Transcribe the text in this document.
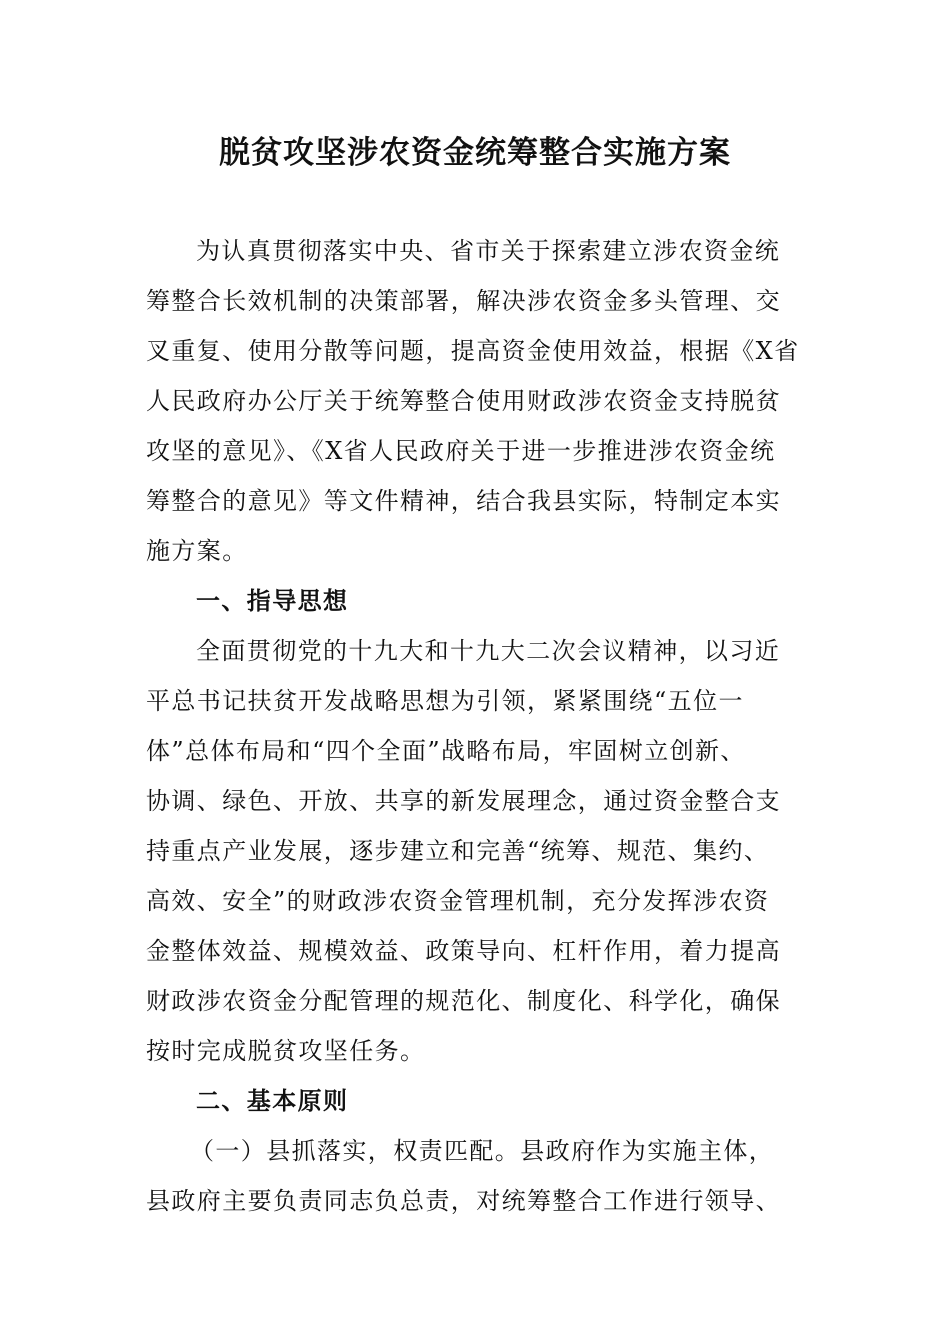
脱贫攻坚涉农资金统筹整合实施方案
为认真贯彻落实中央、省市关于探索建立涉农资金统
筹整合长效机制的决策部署，解决涉农资金多头管理、交
叉重复、使用分散等问题，提高资金使用效益，根据《X省
人民政府办公厅关于统筹整合使用财政涉农资金支持脱贫
攻坚的意见》、《X省人民政府关于进一步推进涉农资金统
筹整合的意见》等文件精神，结合我县实际，特制定本实
施方案。
一、指导思想
全面贯彻党的十九大和十九大二次会议精神，以习近
平总书记扶贫开发战略思想为引领，紧紧围绕“五位一
体”总体布局和“四个全面”战略布局，牢固树立创新、
协调、绿色、开放、共享的新发展理念，通过资金整合支
持重点产业发展，逐步建立和完善“统筹、规范、集约、
高效、安全”的财政涉农资金管理机制，充分发挥涉农资
金整体效益、规模效益、政策导向、杠杆作用，着力提高
财政涉农资金分配管理的规范化、制度化、科学化，确保
按时完成脱贫攻坚任务。
二、基本原则
（一）县抓落实，权责匹配。县政府作为实施主体，
县政府主要负责同志负总责，对统筹整合工作进行领导、
